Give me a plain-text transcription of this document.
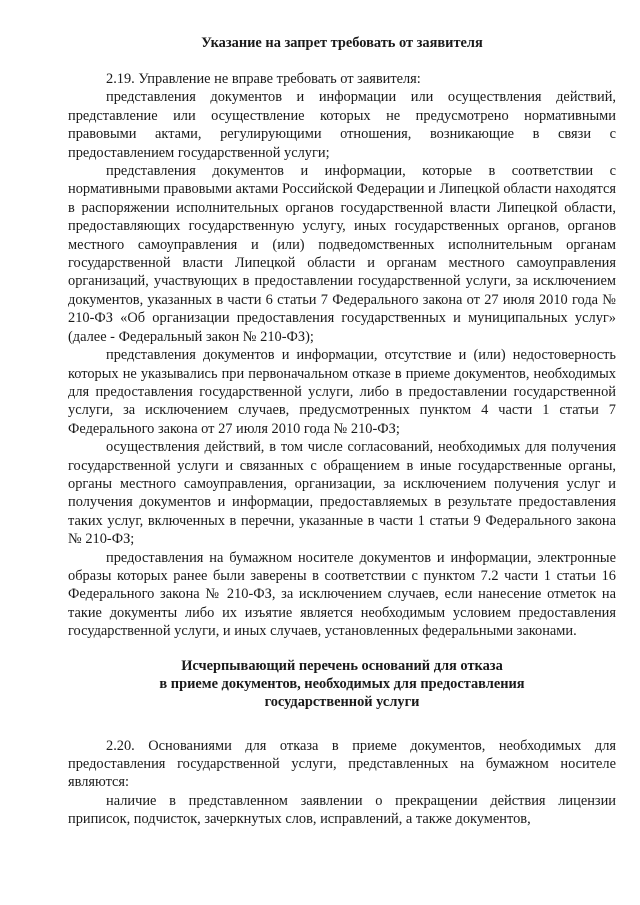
Указание на запрет требовать от заявителя

2.19. Управление не вправе требовать от заявителя:

представления документов и информации или осуществления действий, представление или осуществление которых не предусмотрено нормативными правовыми актами, регулирующими отношения, возникающие в связи с предоставлением государственной услуги;

представления документов и информации, которые в соответствии с нормативными правовыми актами Российской Федерации и Липецкой области находятся в распоряжении исполнительных органов государственной власти Липецкой области, предоставляющих государственную услугу, иных государственных органов, органов местного самоуправления и (или) подведомственных исполнительным органам государственной власти Липецкой области и органам местного самоуправления организаций, участвующих в предоставлении государственной услуги, за исключением документов, указанных в части 6 статьи 7 Федерального закона от 27 июля 2010 года № 210-ФЗ «Об организации предоставления государственных и муниципальных услуг» (далее - Федеральный закон № 210-ФЗ);

представления документов и информации, отсутствие и (или) недостоверность которых не указывались при первоначальном отказе в приеме документов, необходимых для предоставления государственной услуги, либо в предоставлении государственной услуги, за исключением случаев, предусмотренных пунктом 4 части 1 статьи 7 Федерального закона от 27 июля 2010 года № 210-ФЗ;

осуществления действий, в том числе согласований, необходимых для получения государственной услуги и связанных с обращением в иные государственные органы, органы местного самоуправления, организации, за исключением получения услуг и получения документов и информации, предоставляемых в результате предоставления таких услуг, включенных в перечни, указанные в части 1 статьи 9 Федерального закона № 210-ФЗ;

предоставления на бумажном носителе документов и информации, электронные образы которых ранее были заверены в соответствии с пунктом 7.2 части 1 статьи 16 Федерального закона № 210-ФЗ, за исключением случаев, если нанесение отметок на такие документы либо их изъятие является необходимым условием предоставления государственной услуги, и иных случаев, установленных федеральными законами.

Исчерпывающий перечень оснований для отказа
в приеме документов, необходимых для предоставления
государственной услуги

2.20. Основаниями для отказа в приеме документов, необходимых для предоставления государственной услуги, представленных на бумажном носителе являются:

наличие в представленном заявлении о прекращении действия лицензии приписок, подчисток, зачеркнутых слов, исправлений, а также документов,
